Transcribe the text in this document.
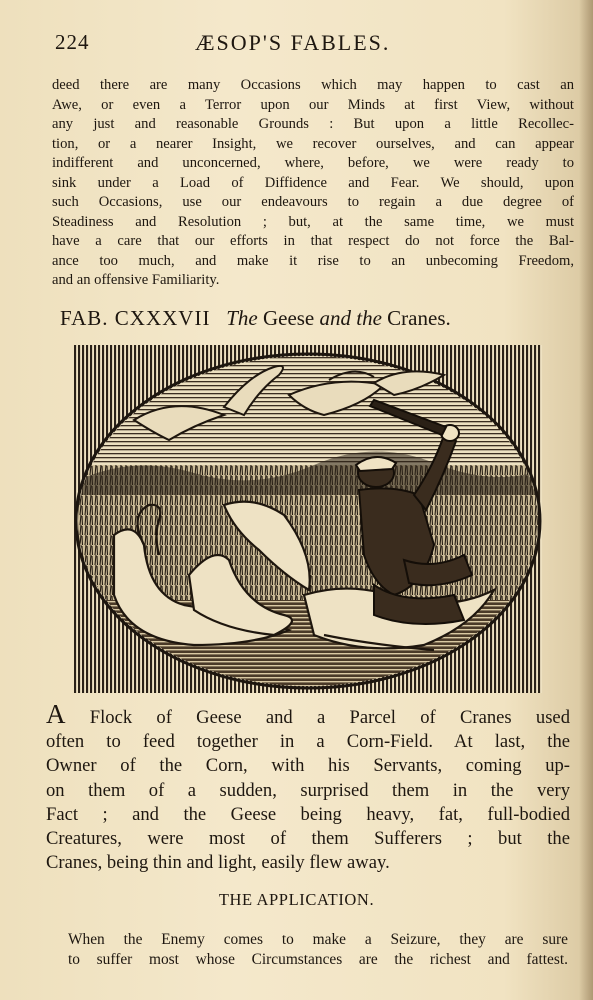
224	ÆSOP'S FABLES.
deed there are many Occasions which may happen to cast an
Awe, or even a Terror upon our Minds at first View, without
any just and reasonable Grounds : But upon a little Recollec-
tion, or a nearer Insight, we recover ourselves, and can appear
indifferent and unconcerned, where, before, we were ready to
sink under a Load of Diffidence and Fear. We should, upon
such Occasions, use our endeavours to regain a due degree of
Steadiness and Resolution ; but, at the same time, we must
have a care that our efforts in that respect do not force the Bal-
ance too much, and make it rise to an unbecoming Freedom,
and an offensive Familiarity.
FAB. CXXXVII The Geese and the Cranes.
A Flock of Geese and a Parcel of Cranes used
often to feed together in a Corn-Field. At last, the
Owner of the Corn, with his Servants, coming up-
on them of a sudden, surprised them in the very
Fact ; and the Geese being heavy, fat, full-bodied
Creatures, were most of them Sufferers ; but the
Cranes, being thin and light, easily flew away.
THE APPLICATION.
When the Enemy comes to make a Seizure, they are sure
to suffer most whose Circumstances are the richest and fattest.
